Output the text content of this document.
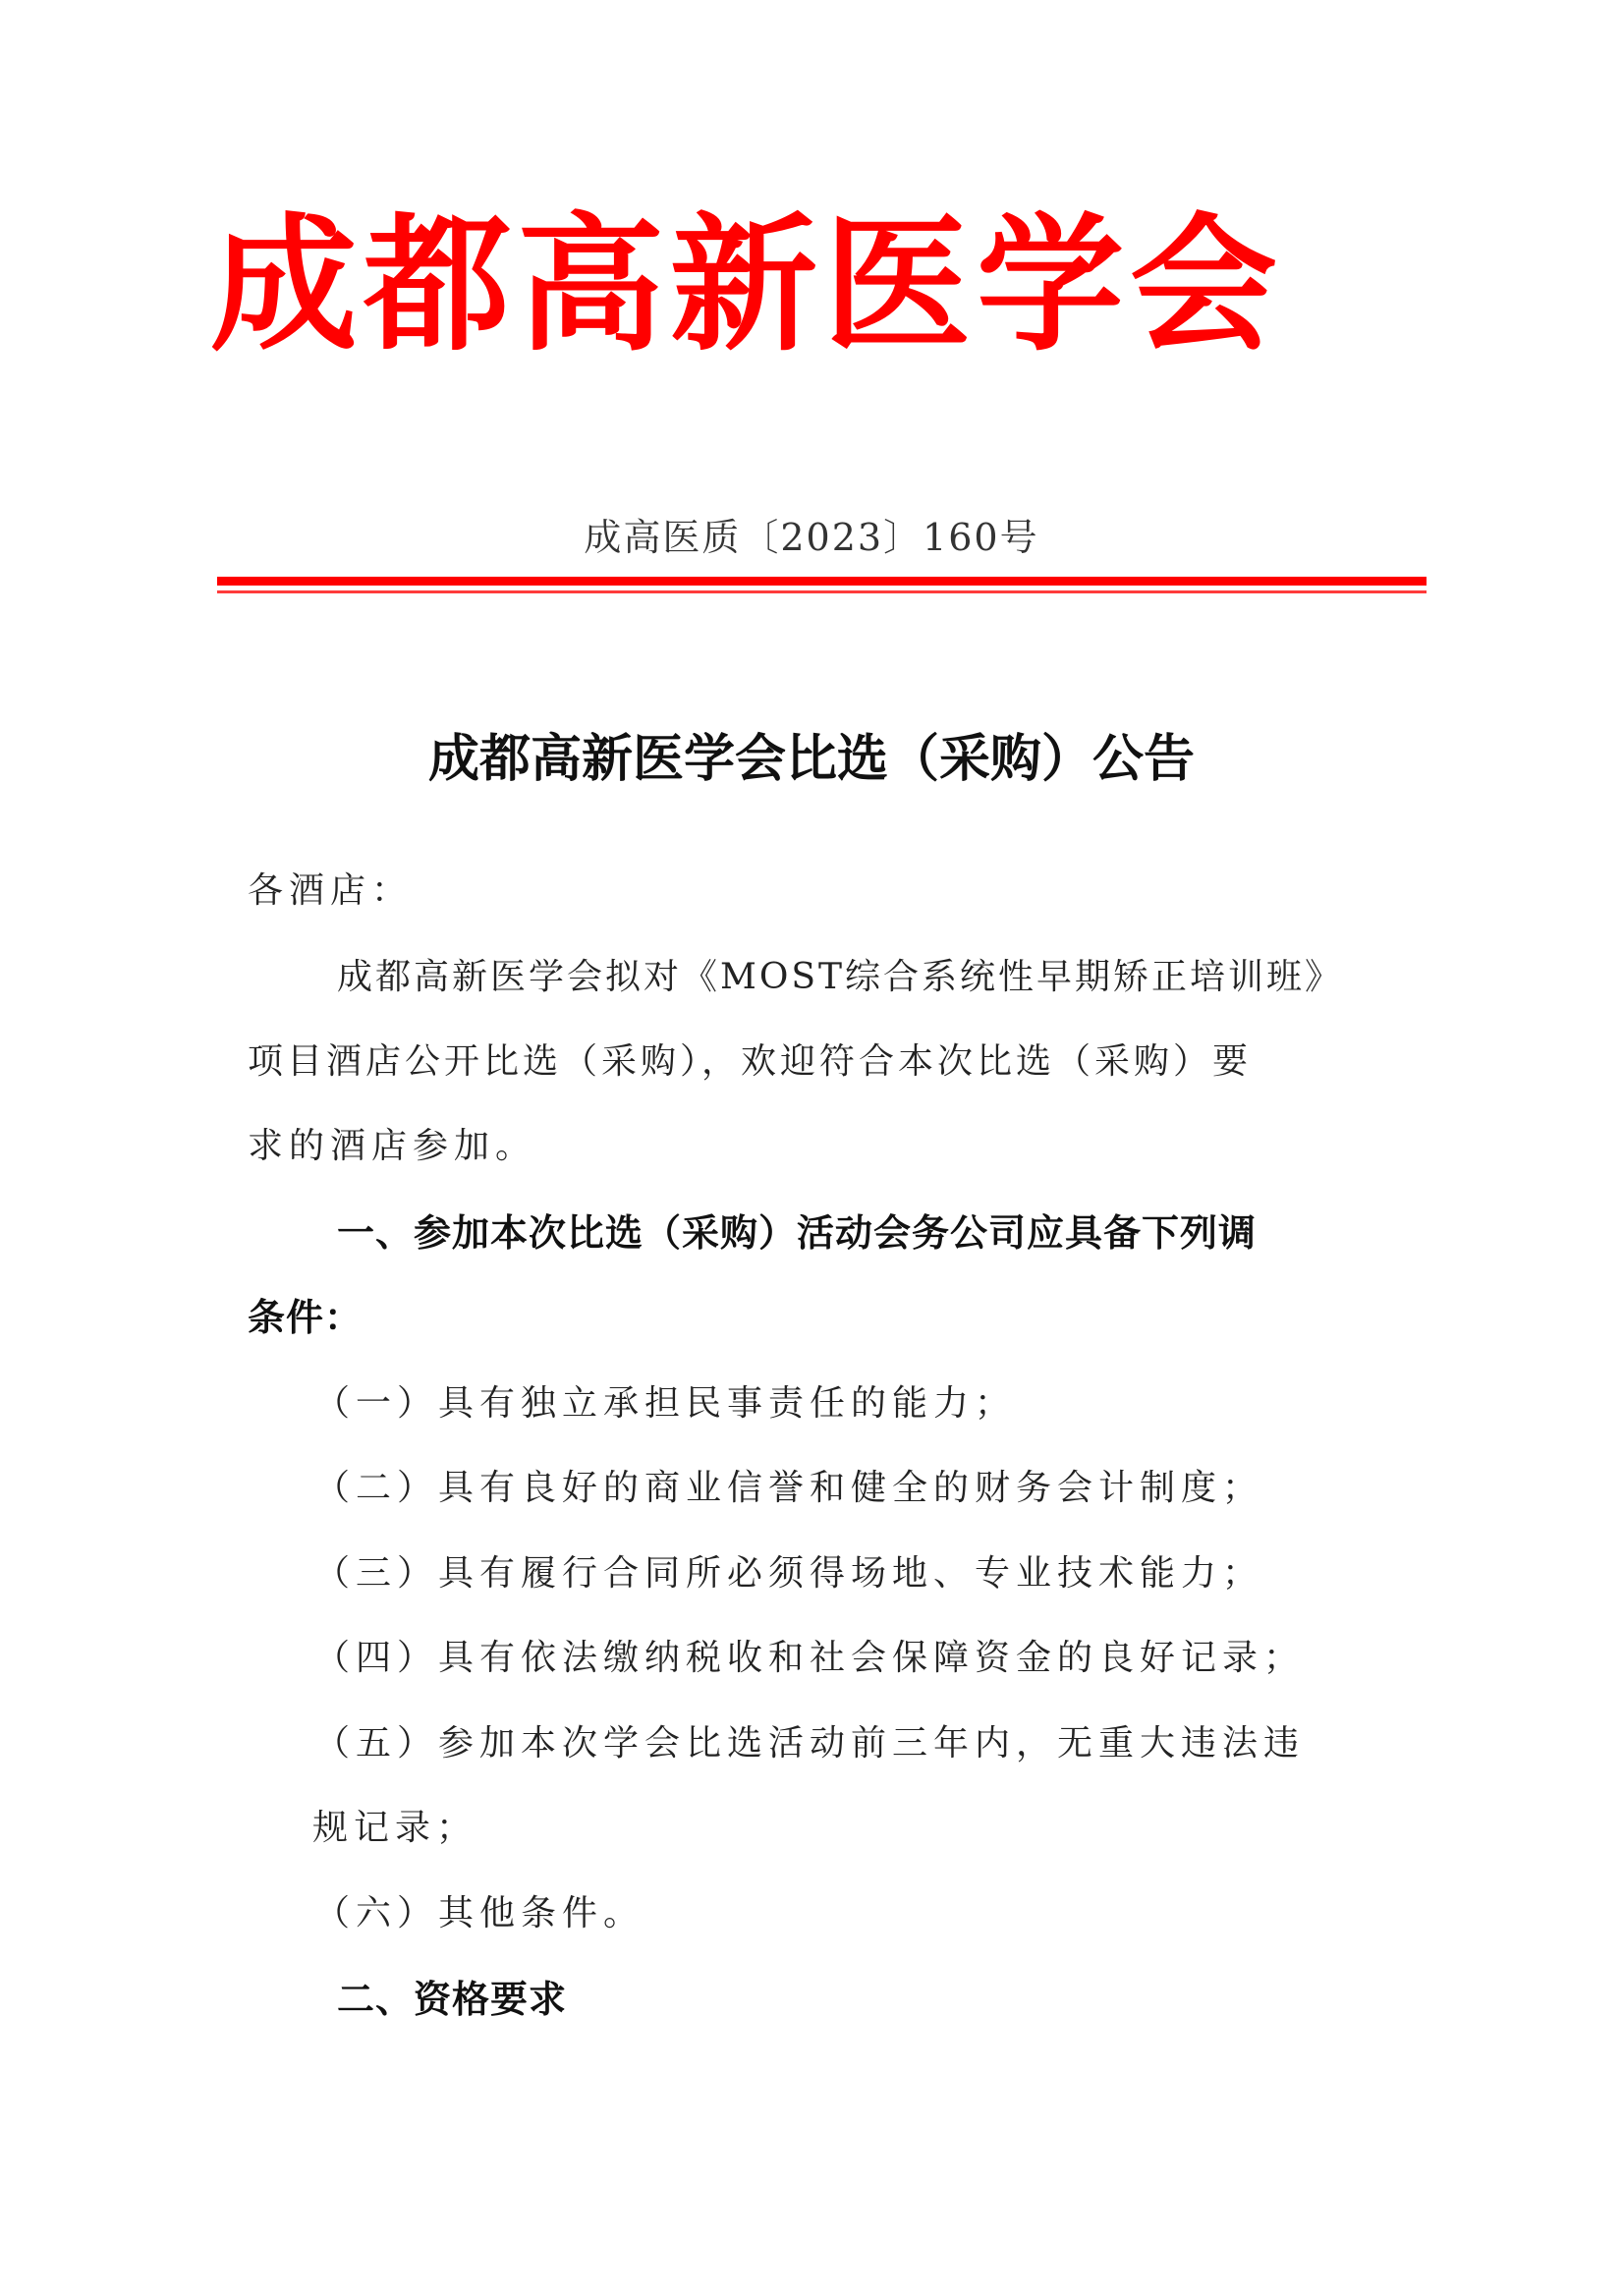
成都高新医学会
成高医质〔2023〕160号
成都高新医学会比选（采购）公告
各酒店：
成都高新医学会拟对《MOST综合系统性早期矫正培训班》
项目酒店公开比选（采购），欢迎符合本次比选（采购）要
求的酒店参加。
一、参加本次比选（采购）活动会务公司应具备下列调
条件：
（一）具有独立承担民事责任的能力；
（二）具有良好的商业信誉和健全的财务会计制度；
（三）具有履行合同所必须得场地、专业技术能力；
（四）具有依法缴纳税收和社会保障资金的良好记录；
（五）参加本次学会比选活动前三年内，无重大违法违
规记录；
（六）其他条件。
二、资格要求
